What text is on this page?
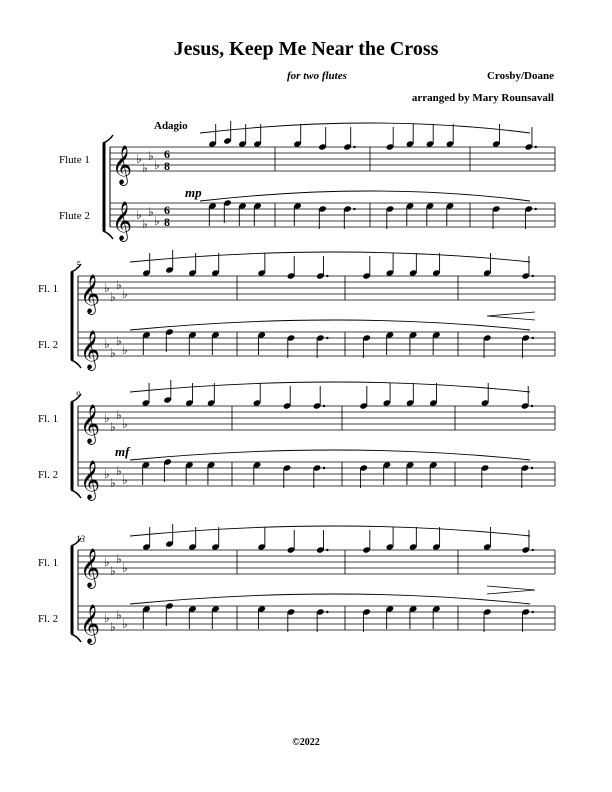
Jesus, Keep Me Near the Cross
for two flutes	Crosby/Doane
arranged by Mary Rounsavall
Adagio
Flute 1 𝄞 ♭
♭
♭
♭
6
8
Flute 2 𝄞 ♭
♭
♭
♭
6
8
mp
5
Fl. 1 𝄞 ♭
♭
♭
♭
Fl. 2 𝄞 ♭
♭
♭
♭
9
Fl. 1 𝄞 ♭
♭
♭
♭
Fl. 2 𝄞 ♭
♭
♭
♭
mf
13
Fl. 1 𝄞 ♭
♭
♭
♭
Fl. 2 𝄞 ♭
♭
♭
♭
©2022
